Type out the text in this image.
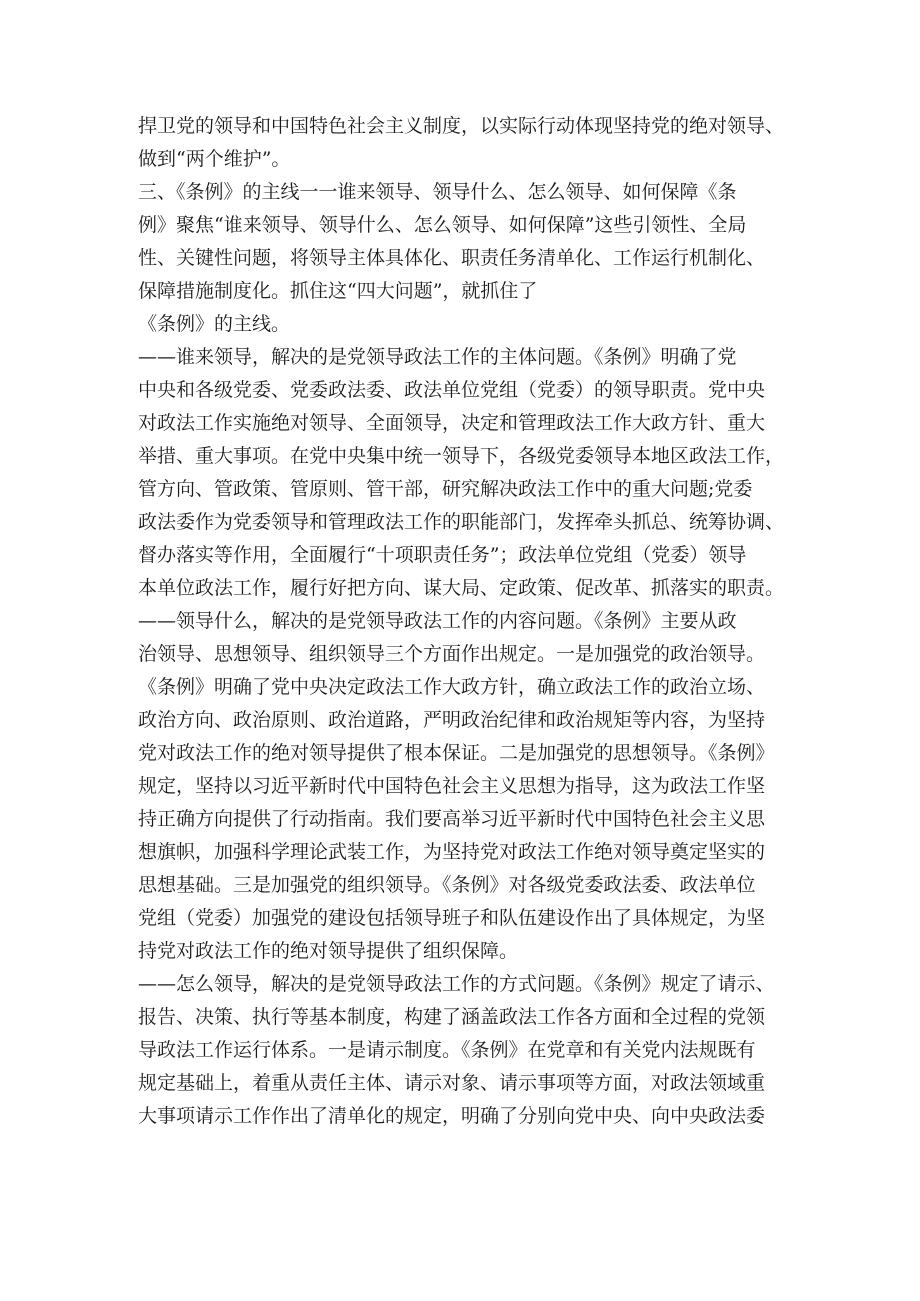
捍卫党的领导和中国特色社会主义制度，以实际行动体现坚持党的绝对领导、
做到“两个维护”。
三、《条例》的主线一一谁来领导、领导什么、怎么领导、如何保障《条
例》聚焦“谁来领导、领导什么、怎么领导、如何保障”这些引领性、全局
性、关键性问题，将领导主体具体化、职责任务清单化、工作运行机制化、
保障措施制度化。抓住这“四大问题”，就抓住了
《条例》的主线。
——谁来领导，解决的是党领导政法工作的主体问题。《条例》明确了党
中央和各级党委、党委政法委、政法单位党组（党委）的领导职责。党中央
对政法工作实施绝对领导、全面领导，决定和管理政法工作大政方针、重大
举措、重大事项。在党中央集中统一领导下，各级党委领导本地区政法工作，
管方向、管政策、管原则、管干部，研究解决政法工作中的重大问题;党委
政法委作为党委领导和管理政法工作的职能部门，发挥牵头抓总、统筹协调、
督办落实等作用，全面履行“十项职责任务”；政法单位党组（党委）领导
本单位政法工作，履行好把方向、谋大局、定政策、促改革、抓落实的职责。
——领导什么，解决的是党领导政法工作的内容问题。《条例》主要从政
治领导、思想领导、组织领导三个方面作出规定。一是加强党的政治领导。
《条例》明确了党中央决定政法工作大政方针，确立政法工作的政治立场、
政治方向、政治原则、政治道路，严明政治纪律和政治规矩等内容，为坚持
党对政法工作的绝对领导提供了根本保证。二是加强党的思想领导。《条例》
规定，坚持以习近平新时代中国特色社会主义思想为指导，这为政法工作坚
持正确方向提供了行动指南。我们要高举习近平新时代中国特色社会主义思
想旗帜，加强科学理论武装工作，为坚持党对政法工作绝对领导奠定坚实的
思想基础。三是加强党的组织领导。《条例》对各级党委政法委、政法单位
党组（党委）加强党的建设包括领导班子和队伍建设作出了具体规定，为坚
持党对政法工作的绝对领导提供了组织保障。
——怎么领导，解决的是党领导政法工作的方式问题。《条例》规定了请示、
报告、决策、执行等基本制度，构建了涵盖政法工作各方面和全过程的党领
导政法工作运行体系。一是请示制度。《条例》在党章和有关党内法规既有
规定基础上，着重从责任主体、请示对象、请示事项等方面，对政法领域重
大事项请示工作作出了清单化的规定，明确了分别向党中央、向中央政法委
